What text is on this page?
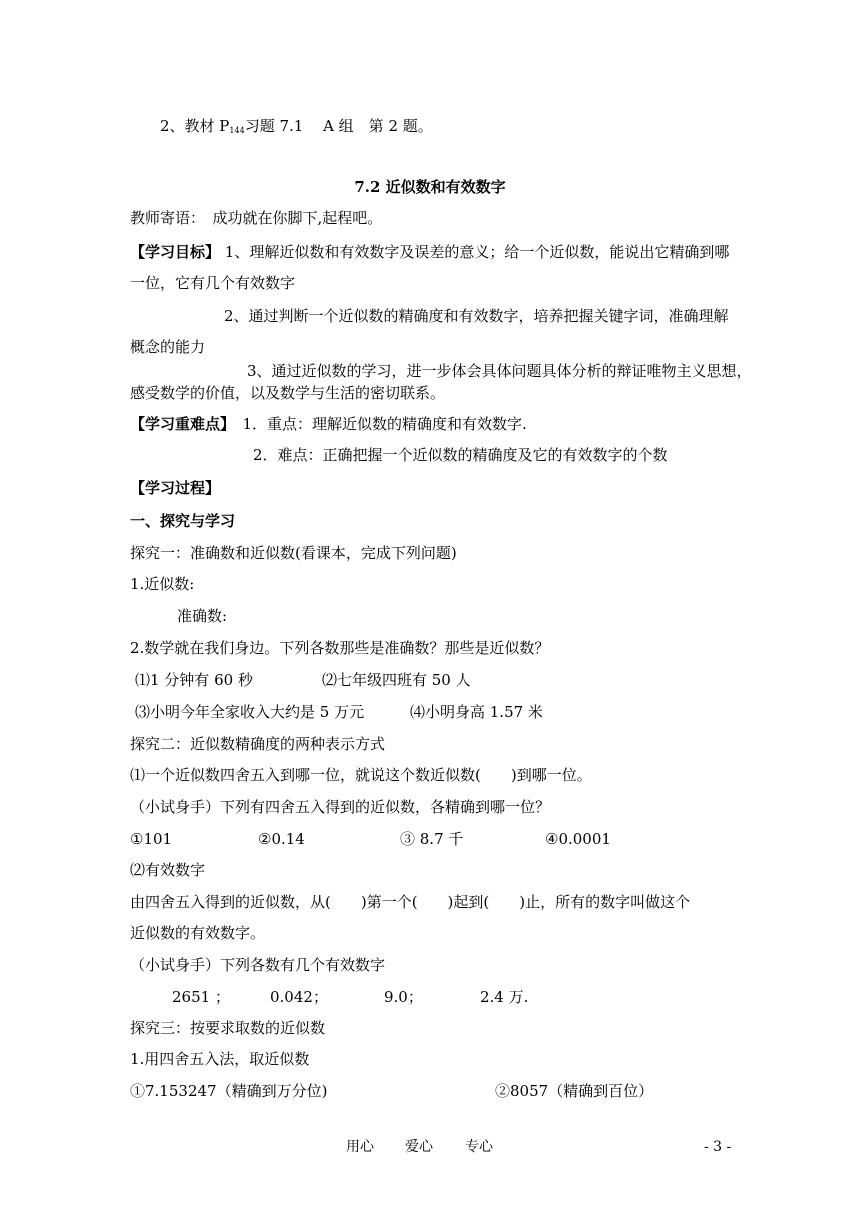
2、教材 $P_{144}$习题 7.1　 A 组　第 2 题。
7.2 近似数和有效数字
教师寄语：　成功就在你脚下,起程吧。
【学习目标】 1、理解近似数和有效数字及误差的意义；给一个近似数，能说出它精确到哪
一位，它有几个有效数字
2、通过判断一个近似数的精确度和有效数字，培养把握关键字词，准确理解
概念的能力
3、通过近似数的学习，进一步体会具体问题具体分析的辩证唯物主义思想，
感受数学的价值，以及数学与生活的密切联系。
【学习重难点】　1．重点：理解近似数的精确度和有效数字.
2．难点：正确把握一个近似数的精确度及它的有效数字的个数
【学习过程】
一、探究与学习
探究一：准确数和近似数(看课本，完成下列问题)
1.近似数:
准确数:
2.数学就在我们身边。下列各数那些是准确数？那些是近似数？
⑴1 分钟有 60 秒	⑵七年级四班有 50 人
⑶小明今年全家收入大约是 5 万元	⑷小明身高 1.57 米
探究二：近似数精确度的两种表示方式
⑴一个近似数四舍五入到哪一位，就说这个数近似数(　　)到哪一位。
（小试身手）下列有四舍五入得到的近似数，各精确到哪一位？
①101	②0.14	③ 8.7 千	④0.0001
⑵有效数字
由四舍五入得到的近似数，从(　　)第一个(　　)起到(　　)止，所有的数字叫做这个
近似数的有效数字。
（小试身手）下列各数有几个有效数字
2651 ；	0.042；	9.0；	2.4 万.
探究三：按要求取数的近似数
1.用四舍五入法，取近似数
①7.153247（精确到万分位)	②8057（精确到百位）
用心 爱心 专心	- 3 -
